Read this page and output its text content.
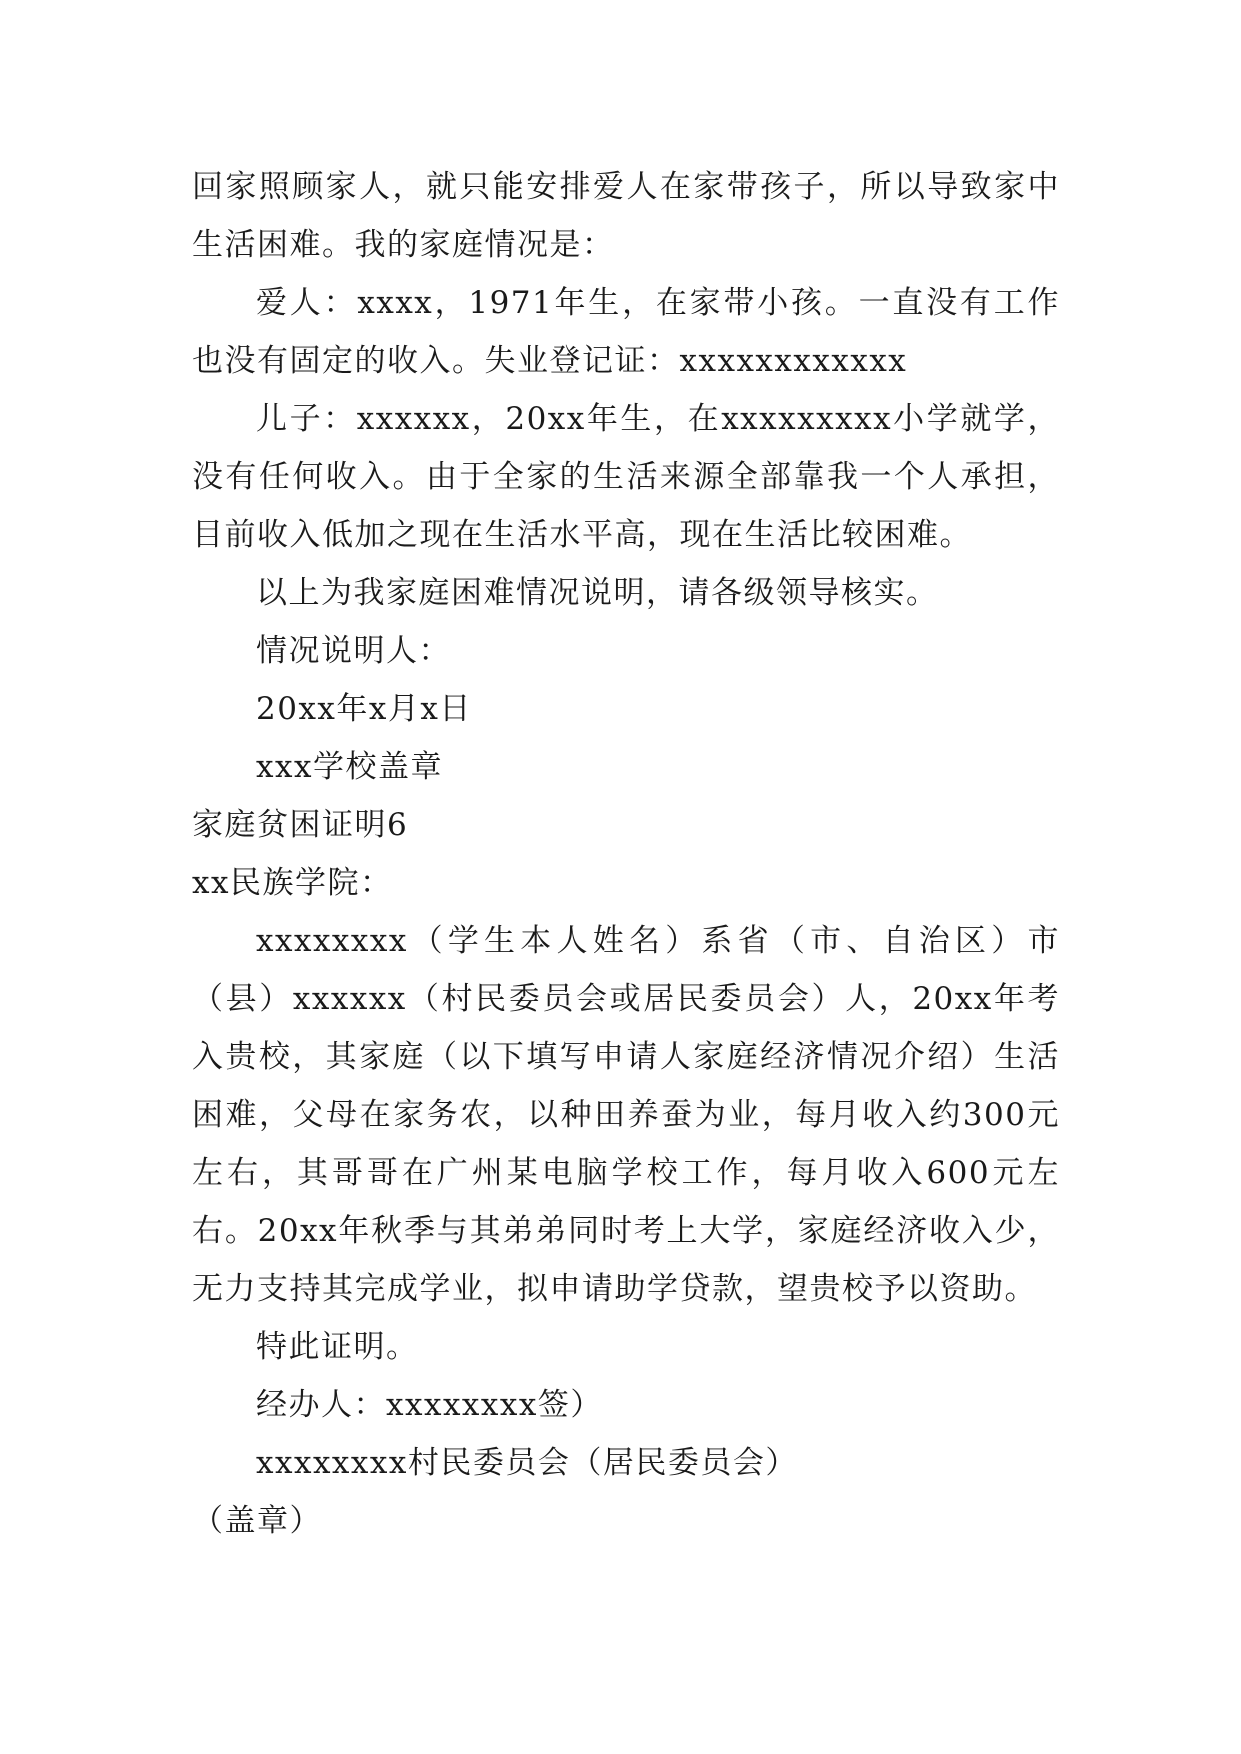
回家照顾家人，就只能安排爱人在家带孩子，所以导致家中生活困难。我的家庭情况是：

爱人：xxxx，1971年生，在家带小孩。一直没有工作也没有固定的收入。失业登记证：xxxxxxxxxxxx

儿子：xxxxxx，20xx年生，在xxxxxxxxx小学就学，没有任何收入。由于全家的生活来源全部靠我一个人承担，目前收入低加之现在生活水平高，现在生活比较困难。

以上为我家庭困难情况说明，请各级领导核实。

情况说明人：

20xx年x月x日

xxx学校盖章

家庭贫困证明6

xx民族学院：

xxxxxxxx（学生本人姓名）系省（市、自治区）市（县）xxxxxx（村民委员会或居民委员会）人，20xx年考入贵校，其家庭（以下填写申请人家庭经济情况介绍）生活困难，父母在家务农，以种田养蚕为业，每月收入约300元左右，其哥哥在广州某电脑学校工作，每月收入600元左右。20xx年秋季与其弟弟同时考上大学，家庭经济收入少，无力支持其完成学业，拟申请助学贷款，望贵校予以资助。

特此证明。

经办人：xxxxxxxx签）

xxxxxxxx村民委员会（居民委员会）

（盖章）
